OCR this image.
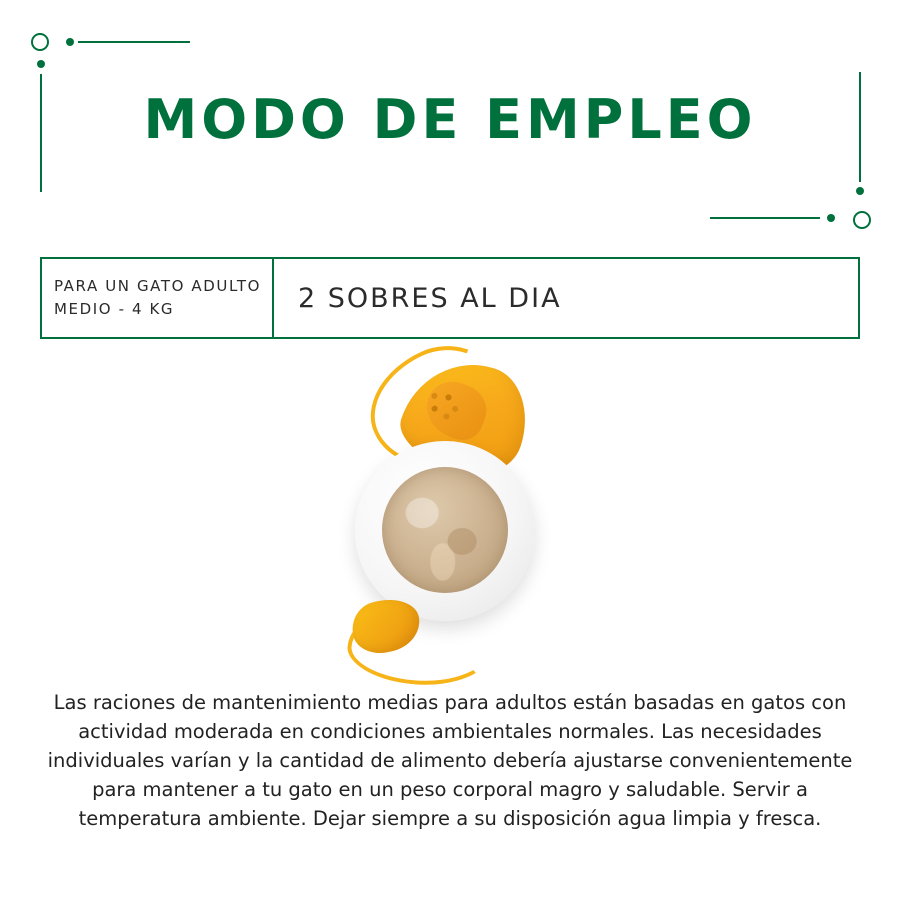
MODO DE EMPLEO
PARA UN GATO ADULTO
MEDIO - 4 KG	2 SOBRES AL DIA
Las raciones de mantenimiento medias para adultos están basadas en gatos con actividad moderada en condiciones ambientales normales. Las necesidades individuales varían y la cantidad de alimento debería ajustarse convenientemente para mantener a tu gato en un peso corporal magro y saludable. Servir a temperatura ambiente. Dejar siempre a su disposición agua limpia y fresca.
